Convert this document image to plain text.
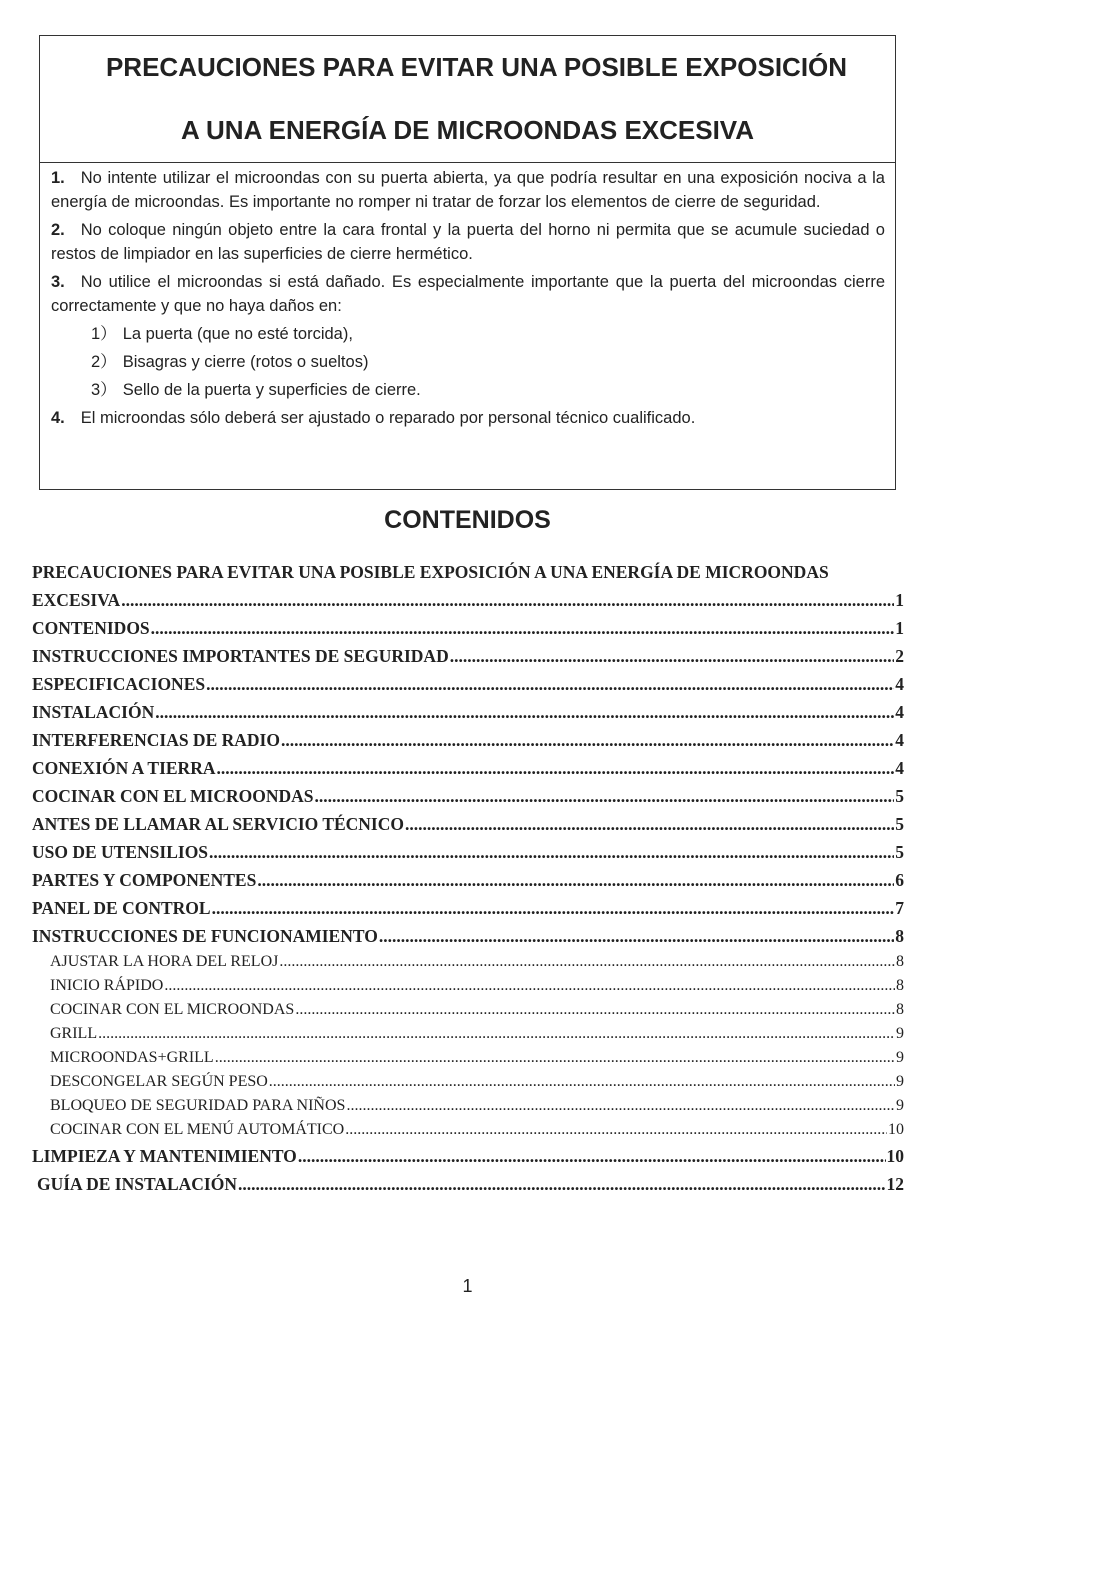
PRECAUCIONES PARA EVITAR UNA POSIBLE EXPOSICIÓN
A UNA ENERGÍA DE MICROONDAS EXCESIVA

1. No intente utilizar el microondas con su puerta abierta, ya que podría resultar en una exposición nociva a la energía de microondas. Es importante no romper ni tratar de forzar los elementos de cierre de seguridad.

2. No coloque ningún objeto entre la cara frontal y la puerta del horno ni permita que se acumule suciedad o restos de limpiador en las superficies de cierre hermético.

3. No utilice el microondas si está dañado. Es especialmente importante que la puerta del microondas cierre correctamente y que no haya daños en:

1） La puerta (que no esté torcida),

2） Bisagras y cierre (rotos o sueltos)

3） Sello de la puerta y superficies de cierre.

4. El microondas sólo deberá ser ajustado o reparado por personal técnico cualificado.

CONTENIDOS
PRECAUCIONES PARA EVITAR UNA POSIBLE EXPOSICIÓN A UNA ENERGÍA DE MICROONDAS
EXCESIVA .....	1
CONTENIDOS .....	1
INSTRUCCIONES IMPORTANTES DE SEGURIDAD .....	2
ESPECIFICACIONES .....	4
INSTALACIÓN .....	4
INTERFERENCIAS DE RADIO .....	4
CONEXIÓN A TIERRA .....	4
COCINAR CON EL MICROONDAS .....	5
ANTES DE LLAMAR AL SERVICIO TÉCNICO .....	5
USO DE UTENSILIOS .....	5
PARTES Y COMPONENTES .....	6
PANEL DE CONTROL .....	7
INSTRUCCIONES DE FUNCIONAMIENTO .....	8
AJUSTAR LA HORA DEL RELOJ .....	8
INICIO RÁPIDO .....	8
COCINAR CON EL MICROONDAS .....	8
GRILL .....	9
MICROONDAS+GRILL .....	9
DESCONGELAR SEGÚN PESO .....	9
BLOQUEO DE SEGURIDAD PARA NIÑOS .....	9
COCINAR CON EL MENÚ AUTOMÁTICO .....	10
LIMPIEZA Y MANTENIMIENTO .....	10
GUÍA DE INSTALACIÓN .....	12
1
